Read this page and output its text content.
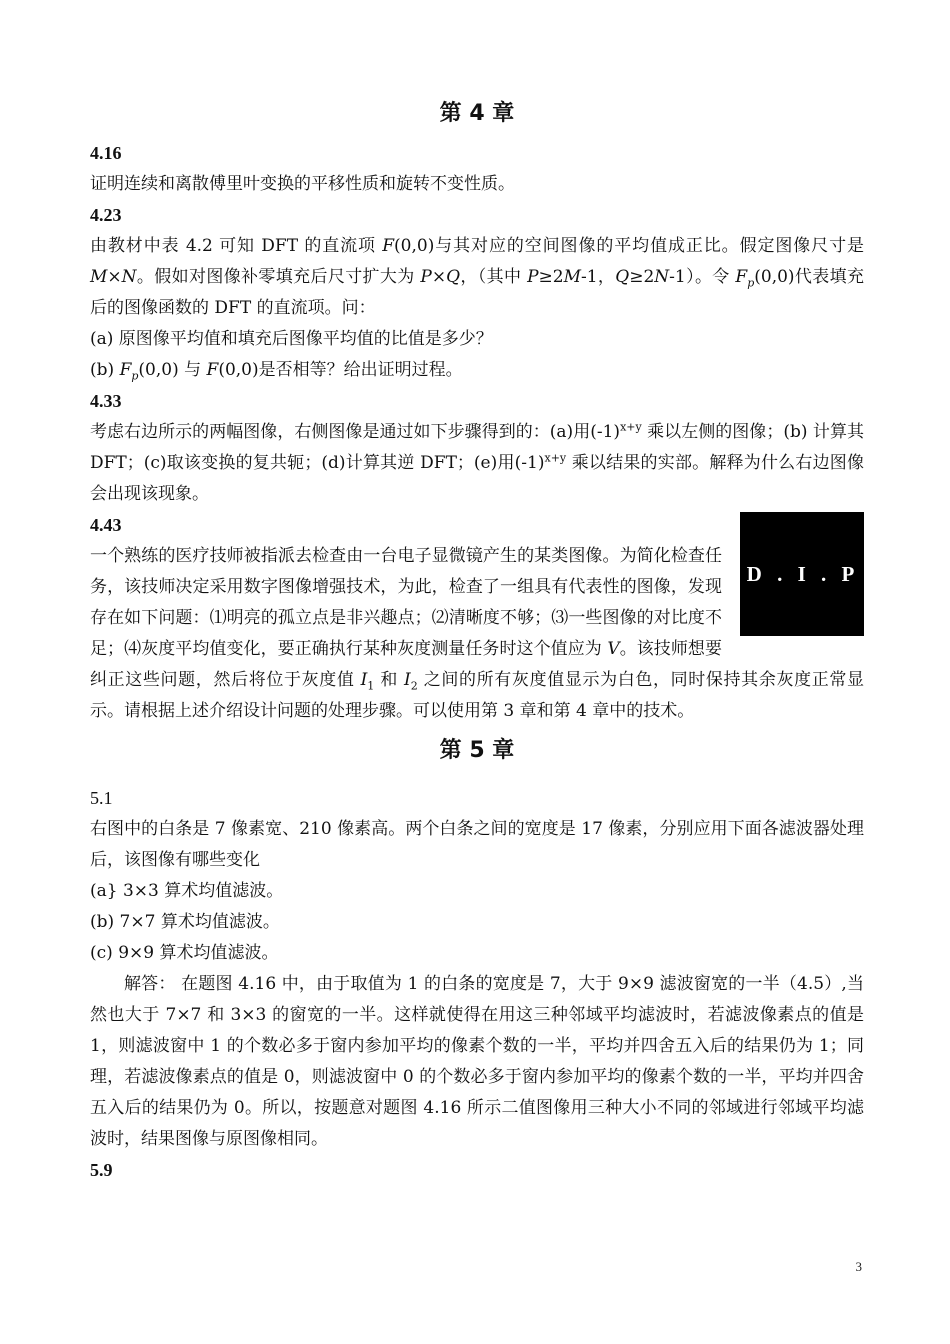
第 4 章
4.16

证明连续和离散傅里叶变换的平移性质和旋转不变性质。

4.23

由教材中表 4.2 可知 DFT 的直流项 F(0,0)与其对应的空间图像的平均值成正比。假定图像尺寸是 M×N。假如对图像补零填充后尺寸扩大为 P×Q，（其中 P≥2M-1，Q≥2N-1）。令 $F_p(0,0)$代表填充后的图像函数的 DFT 的直流项。问：

(a) 原图像平均值和填充后图像平均值的比值是多少？

(b) $F_p(0,0)$ 与 F(0,0)是否相等？给出证明过程。

4.33

考虑右边所示的两幅图像，右侧图像是通过如下步骤得到的：(a)用$(-1)^{x+y}$ 乘以左侧的图像；(b) 计算其 DFT；(c)取该变换的复共轭；(d)计算其逆 DFT；(e)用$(-1)^{x+y}$ 乘以结果的实部。解释为什么右边图像会出现该现象。

D . I . P
4.43

一个熟练的医疗技师被指派去检查由一台电子显微镜产生的某类图像。为简化检查任务，该技师决定采用数字图像增强技术，为此，检查了一组具有代表性的图像，发现存在如下问题：⑴明亮的孤立点是非兴趣点；⑵清晰度不够；⑶一些图像的对比度不足；⑷灰度平均值变化，要正确执行某种灰度测量任务时这个值应为 V。该技师想要纠正这些问题，然后将位于灰度值 $I_1$ 和 $I_2$ 之间的所有灰度值显示为白色，同时保持其余灰度正常显示。请根据上述介绍设计问题的处理步骤。可以使用第 3 章和第 4 章中的技术。

第 5 章
5.1

右图中的白条是 7 像素宽、210 像素高。两个白条之间的宽度是 17 像素，分别应用下面各滤波器处理后，该图像有哪些变化

(a} 3×3 算术均值滤波。

(b) 7×7 算术均值滤波。

(c) 9×9 算术均值滤波。

解答： 在题图 4.16 中，由于取值为 1 的白条的宽度是 7，大于 9×9 滤波窗宽的一半（4.5）,当然也大于 7×7 和 3×3 的窗宽的一半。这样就使得在用这三种邻域平均滤波时，若滤波像素点的值是 1，则滤波窗中 1 的个数必多于窗内参加平均的像素个数的一半，平均并四舍五入后的结果仍为 1；同理，若滤波像素点的值是 0，则滤波窗中 0 的个数必多于窗内参加平均的像素个数的一半，平均并四舍五入后的结果仍为 0。所以，按题意对题图 4.16 所示二值图像用三种大小不同的邻域进行邻域平均滤波时，结果图像与原图像相同。

5.9
3
